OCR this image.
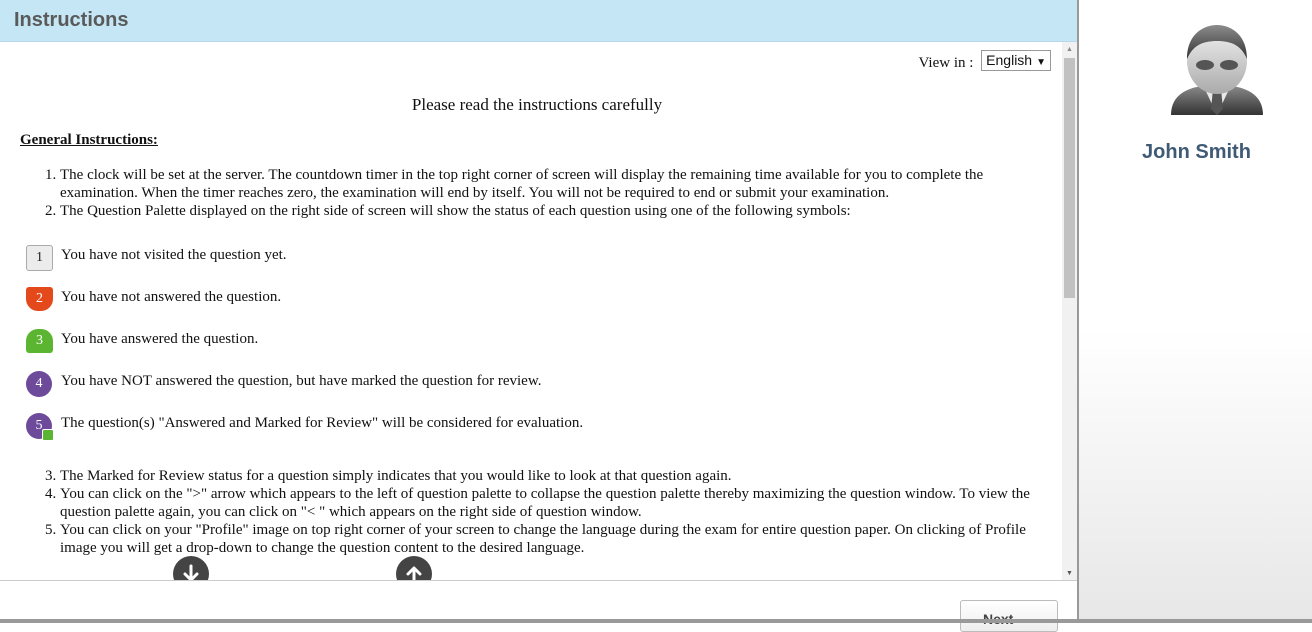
Instructions
View in : English ▼
Please read the instructions carefully
General Instructions:
1. The clock will be set at the server. The countdown timer in the top right corner of screen will display the remaining time available for you to complete the examination. When the timer reaches zero, the examination will end by itself. You will not be required to end or submit your examination.
2. The Question Palette displayed on the right side of screen will show the status of each question using one of the following symbols:
1	You have not visited the question yet.
2	You have not answered the question.
3	You have answered the question.
4	You have NOT answered the question, but have marked the question for review.
5 The question(s) "Answered and Marked for Review" will be considered for evaluation.
3. The Marked for Review status for a question simply indicates that you would like to look at that question again.
4. You can click on the ">" arrow which appears to the left of question palette to collapse the question palette thereby maximizing the question window. To view the question palette again, you can click on "< " which appears on the right side of question window.
5. You can click on your "Profile" image on top right corner of your screen to change the language during the exam for entire question paper. On clicking of Profile image you will get a drop-down to change the question content to the desired language.
▲
▼
John Smith
